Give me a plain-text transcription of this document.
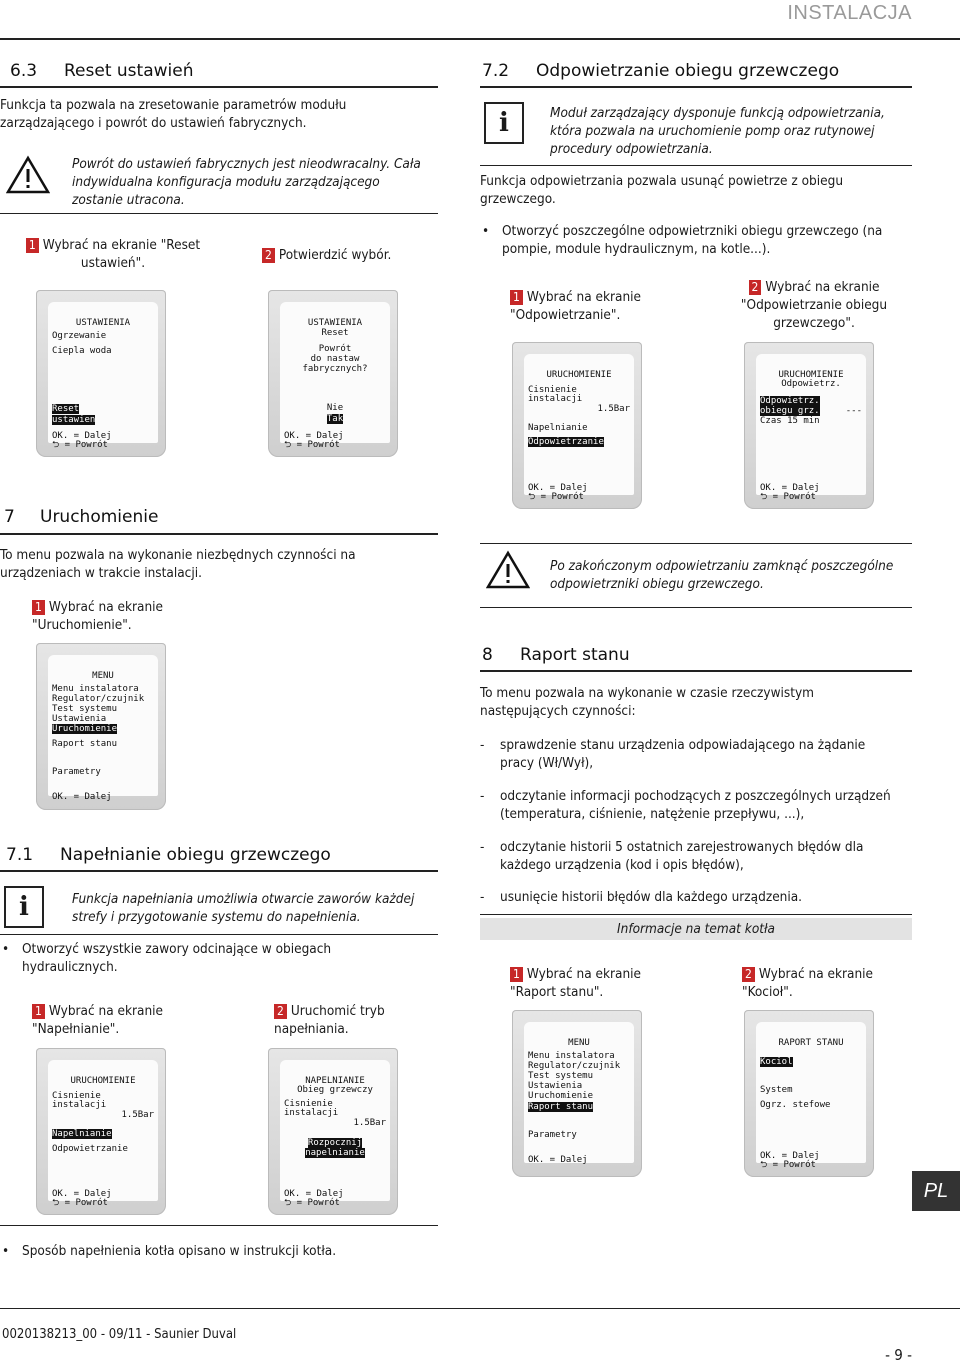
INSTALACJA
6.3 Reset ustawień
Funkcja ta pozwala na zresetowanie parametrów modułu zarządzającego i powrót do ustawień fabrycznych.
Powrót do ustawień fabrycznych jest nieodwracalny. Cała indywidualna konfiguracja modułu zarządzającego zostanie utracona.
1 Wybrać na ekranie "Reset ustawień".
2 Potwierdzić wybór.
USTAWIENIA
Ogrzewanie
Ciepla woda
Reset
ustawien
OK. = Dalej
⮌ = Powrót
USTAWIENIA
Reset
Powrót
do nastaw
fabrycznych?
Nie
Tak
OK. = Dalej
⮌ = Powrót
7 Uruchomienie
To menu pozwala na wykonanie niezbędnych czynności na urządzeniach w trakcie instalacji.
1 Wybrać na ekranie "Uruchomienie".
MENU
Menu instalatora
Regulator/czujnik
Test systemu
Ustawienia
Uruchomienie
Raport stanu
Parametry
OK. = Dalej
7.1 Napełnianie obiegu grzewczego
i	Funkcja napełniania umożliwia otwarcie zaworów każdej strefy i przygotowanie systemu do napełnienia.
• Otworzyć wszystkie zawory odcinające w obiegach hydraulicznych.
1 Wybrać na ekranie "Napełnianie".
2 Uruchomić tryb napełniania.
URUCHOMIENIE
Cisnienie
instalacji
1.5Bar
Napelnianie
Odpowietrzanie
OK. = Dalej
⮌ = Powrót
NAPELNIANIE
Obieg grzewczy
Cisnienie
instalacji
1.5Bar
Rozpocznij
napelnianie
OK. = Dalej
⮌ = Powrót
• Sposób napełnienia kotła opisano w instrukcji kotła.
7.2 Odpowietrzanie obiegu grzewczego
i	Moduł zarządzający dysponuje funkcją odpowietrzania, która pozwala na uruchomienie pomp oraz rutynowej procedury odpowietrzania.
Funkcja odpowietrzania pozwala usunąć powietrze z obiegu grzewczego.
• Otworzyć poszczególne odpowietrzniki obiegu grzewczego (na pompie, module hydraulicznym, na kotle...).
1 Wybrać na ekranie "Odpowietrzanie".
2 Wybrać na ekranie "Odpowietrzanie obiegu grzewczego".
URUCHOMIENIE
Cisnienie
instalacji
1.5Bar
Napelnianie
Odpowietrzanie
OK. = Dalej
⮌ = Powrót
URUCHOMIENIE
Odpowietrz.
Odpowietrz.
obiegu grz.	---
Czas 15 min
OK. = Dalej
⮌ = Powrót
Po zakończonym odpowietrzaniu zamknąć poszczególne odpowietrzniki obiegu grzewczego.
8 Raport stanu
To menu pozwala na wykonanie w czasie rzeczywistym następujących czynności:
- sprawdzenie stanu urządzenia odpowiadającego na żądanie pracy (Wł/Wył),
- odczytanie informacji pochodzących z poszczególnych urządzeń (temperatura, ciśnienie, natężenie przepływu, ...),
- odczytanie historii 5 ostatnich zarejestrowanych błędów dla każdego urządzenia (kod i opis błędów),
- usunięcie historii błędów dla każdego urządzenia.
Informacje na temat kotła
1 Wybrać na ekranie "Raport stanu".
2 Wybrać na ekranie "Kocioł".
MENU
Menu instalatora
Regulator/czujnik
Test systemu
Ustawienia
Uruchomienie
Raport stanu
Parametry
OK. = Dalej
RAPORT STANU
Kociol
System
Ogrz. stefowe
OK. = Dalej
⮌ = Powrót
PL
0020138213_00 - 09/11 - Saunier Duval
- 9 -
